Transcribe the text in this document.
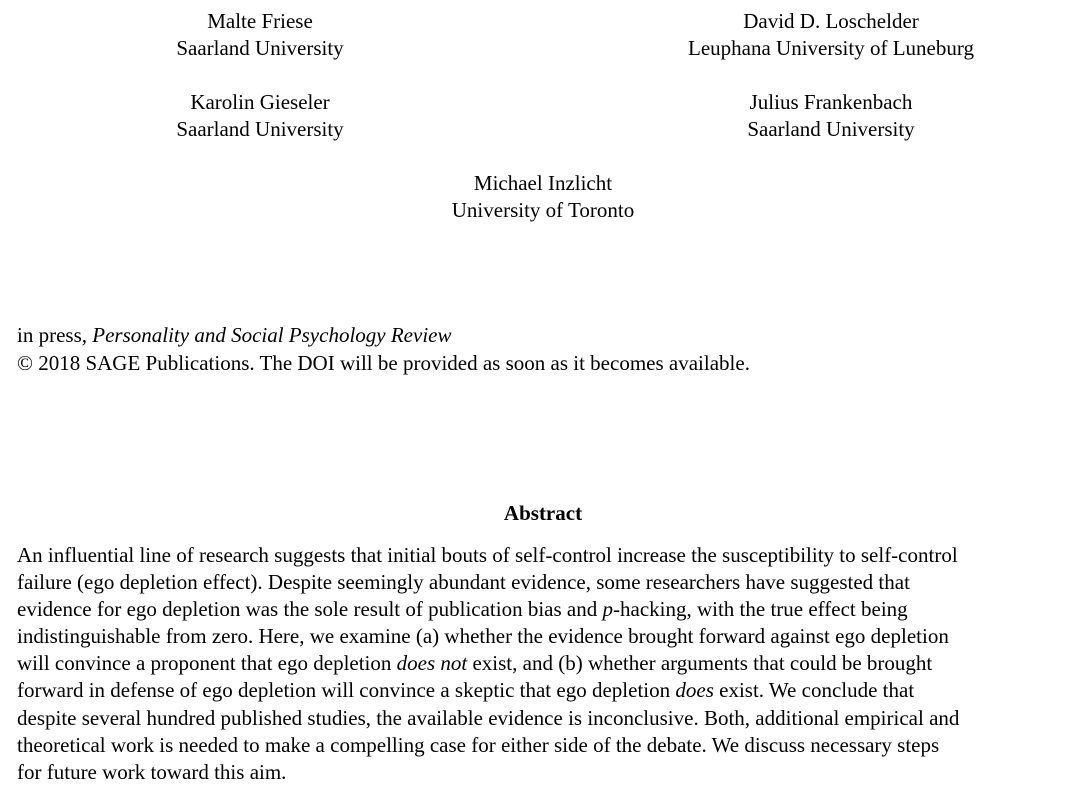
Malte Friese
Saarland University
David D. Loschelder
Leuphana University of Luneburg
Karolin Gieseler
Saarland University
Julius Frankenbach
Saarland University
Michael Inzlicht
University of Toronto
in press, Personality and Social Psychology Review
© 2018 SAGE Publications. The DOI will be provided as soon as it becomes available.
Abstract
An influential line of research suggests that initial bouts of self-control increase the susceptibility to self-control
failure (ego depletion effect). Despite seemingly abundant evidence, some researchers have suggested that
evidence for ego depletion was the sole result of publication bias and p-hacking, with the true effect being
indistinguishable from zero. Here, we examine (a) whether the evidence brought forward against ego depletion
will convince a proponent that ego depletion does not exist, and (b) whether arguments that could be brought
forward in defense of ego depletion will convince a skeptic that ego depletion does exist. We conclude that
despite several hundred published studies, the available evidence is inconclusive. Both, additional empirical and
theoretical work is needed to make a compelling case for either side of the debate. We discuss necessary steps
for future work toward this aim.
